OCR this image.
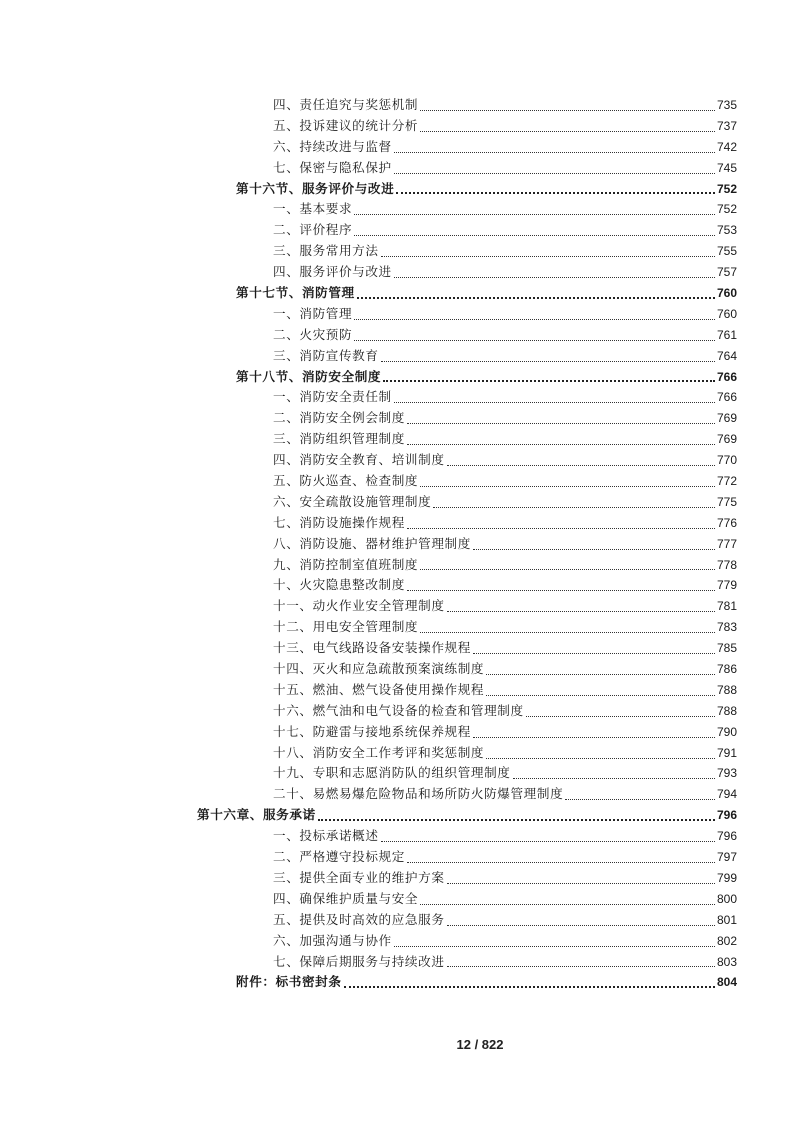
四、责任追究与奖惩机制	735
五、投诉建议的统计分析	737
六、持续改进与监督	742
七、保密与隐私保护	745
第十六节、服务评价与改进	752
一、基本要求	752
二、评价程序	753
三、服务常用方法	755
四、服务评价与改进	757
第十七节、消防管理	760
一、消防管理	760
二、火灾预防	761
三、消防宣传教育	764
第十八节、消防安全制度	766
一、消防安全责任制	766
二、消防安全例会制度	769
三、消防组织管理制度	769
四、消防安全教育、培训制度	770
五、防火巡查、检查制度	772
六、安全疏散设施管理制度	775
七、消防设施操作规程	776
八、消防设施、器材维护管理制度	777
九、消防控制室值班制度	778
十、火灾隐患整改制度	779
十一、动火作业安全管理制度	781
十二、用电安全管理制度	783
十三、电气线路设备安装操作规程	785
十四、灭火和应急疏散预案演练制度	786
十五、燃油、燃气设备使用操作规程	788
十六、燃气油和电气设备的检查和管理制度	788
十七、防避雷与接地系统保养规程	790
十八、消防安全工作考评和奖惩制度	791
十九、专职和志愿消防队的组织管理制度	793
二十、易燃易爆危险物品和场所防火防爆管理制度	794
第十六章、服务承诺	796
一、投标承诺概述	796
二、严格遵守投标规定	797
三、提供全面专业的维护方案	799
四、确保维护质量与安全	800
五、提供及时高效的应急服务	801
六、加强沟通与协作	802
七、保障后期服务与持续改进	803
附件：标书密封条	804
12 / 822
